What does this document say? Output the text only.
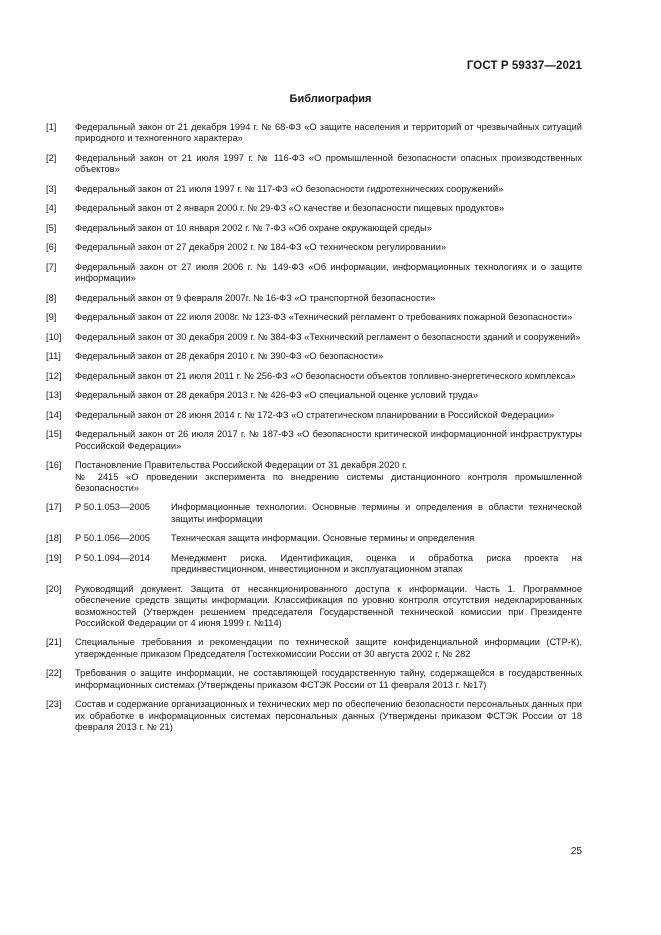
ГОСТ Р 59337—2021
Библиография
[1] Федеральный закон от 21 декабря 1994 г. № 68-ФЗ «О защите населения и территорий от чрезвычайных ситуаций природного и техногенного характера»
[2] Федеральный закон от 21 июля 1997 г. № 116-ФЗ «О промышленной безопасности опасных производственных объектов»
[3] Федеральный закон от 21 июля 1997 г. № 117-ФЗ «О безопасности гидротехнических сооружений»
[4] Федеральный закон от 2 января 2000 г. № 29-ФЗ «О качестве и безопасности пищевых продуктов»
[5] Федеральный закон от 10 января 2002 г. № 7-ФЗ «Об охране окружающей среды»
[6] Федеральный закон от 27 декабря 2002 г. № 184-ФЗ «О техническом регулировании»
[7] Федеральный закон от 27 июля 2006 г. № 149-ФЗ «Об информации, информационных технологиях и о защите информации»
[8] Федеральный закон от 9 февраля 2007г. № 16-ФЗ «О транспортной безопасности»
[9] Федеральный закон от 22 июля 2008г. № 123-ФЗ «Технический регламент о требованиях пожарной безопасности»
[10] Федеральный закон от 30 декабря 2009 г. № 384-ФЗ «Технический регламент о безопасности зданий и сооружений»
[11] Федеральный закон от 28 декабря 2010 г. № 390-ФЗ «О безопасности»
[12] Федеральный закон от 21 июля 2011 г. № 256-ФЗ «О безопасности объектов топливно-энергетического комплекса»
[13] Федеральный закон от 28 декабря 2013 г. № 426-ФЗ «О специальной оценке условий труда»
[14] Федеральный закон от 28 июня 2014 г. № 172-ФЗ «О стратегическом планировании в Российской Федерации»
[15] Федеральный закон от 26 июля 2017 г. № 187-ФЗ «О безопасности критической информационной инфраструктуры Российской Федерации»
[16] Постановление Правительства Российской Федерации от 31 декабря 2020 г.
№ 2415 «О проведении эксперимента по внедрению системы дистанционного контроля промышленной безопасности»
[17] Р 50.1.053—2005 Информационные технологии. Основные термины и определения в области технической защиты информации
[18] Р 50.1.056—2005 Техническая защита информации. Основные термины и определения
[19] Р 50.1.094—2014 Менеджмент риска. Идентификация, оценка и обработка риска проекта на прединвестиционном, инвестиционном и эксплуатационном этапах
[20] Руководящий документ. Защита от несанкционированного доступа к информации. Часть 1. Программное обеспечение средств защиты информации. Классификация по уровню контроля отсутствия недекларированных возможностей (Утвержден решением председателя Государственной технической комиссии при Президенте Российской Федерации от 4 июня 1999 г. №114)
[21] Специальные требования и рекомендации по технической защите конфиденциальной информации (СТР-К), утвержденные приказом Председателя Гостехкомиссии России от 30 августа 2002 г. № 282
[22] Требования о защите информации, не составляющей государственную тайну, содержащейся в государственных информационных системах (Утверждены приказом ФСТЭК России от 11 февраля 2013 г. №17)
[23] Состав и содержание организационных и технических мер по обеспечению безопасности персональных данных при их обработке в информационных системах персональных данных (Утверждены приказом ФСТЭК России от 18 февраля 2013 г. № 21)
25
